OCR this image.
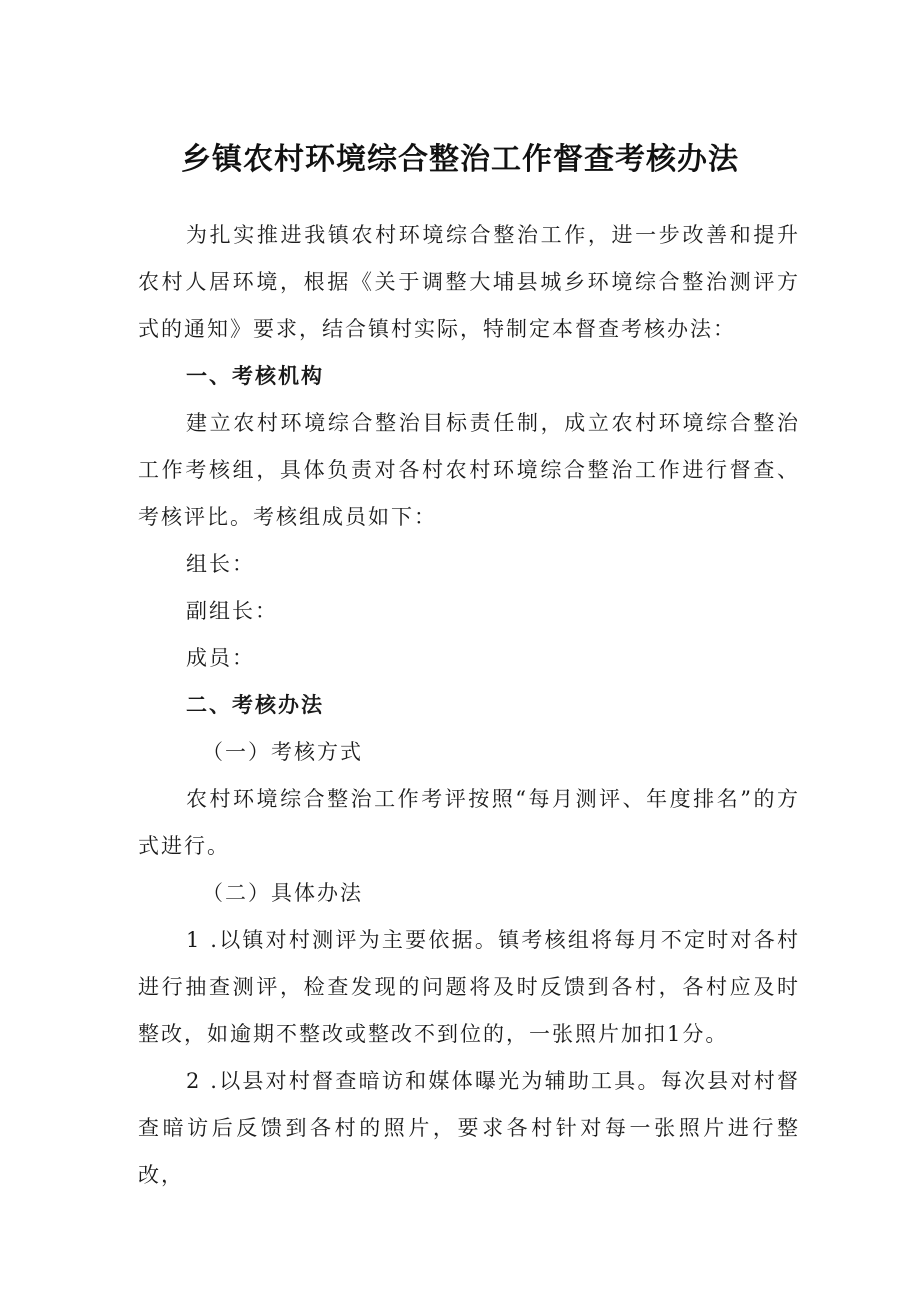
乡镇农村环境综合整治工作督查考核办法

为扎实推进我镇农村环境综合整治工作，进一步改善和提升农村人居环境，根据《关于调整大埔县城乡环境综合整治测评方式的通知》要求，结合镇村实际，特制定本督查考核办法：

一、考核机构

建立农村环境综合整治目标责任制，成立农村环境综合整治工作考核组，具体负责对各村农村环境综合整治工作进行督查、考核评比。考核组成员如下：

组长：

副组长：

成员：

二、考核办法

（一）考核方式

农村环境综合整治工作考评按照“每月测评、年度排名”的方式进行。

（二）具体办法

1 .以镇对村测评为主要依据。镇考核组将每月不定时对各村进行抽查测评，检查发现的问题将及时反馈到各村，各村应及时整改，如逾期不整改或整改不到位的，一张照片加扣1分。

2 .以县对村督查暗访和媒体曝光为辅助工具。每次县对村督查暗访后反馈到各村的照片，要求各村针对每一张照片进行整改，
